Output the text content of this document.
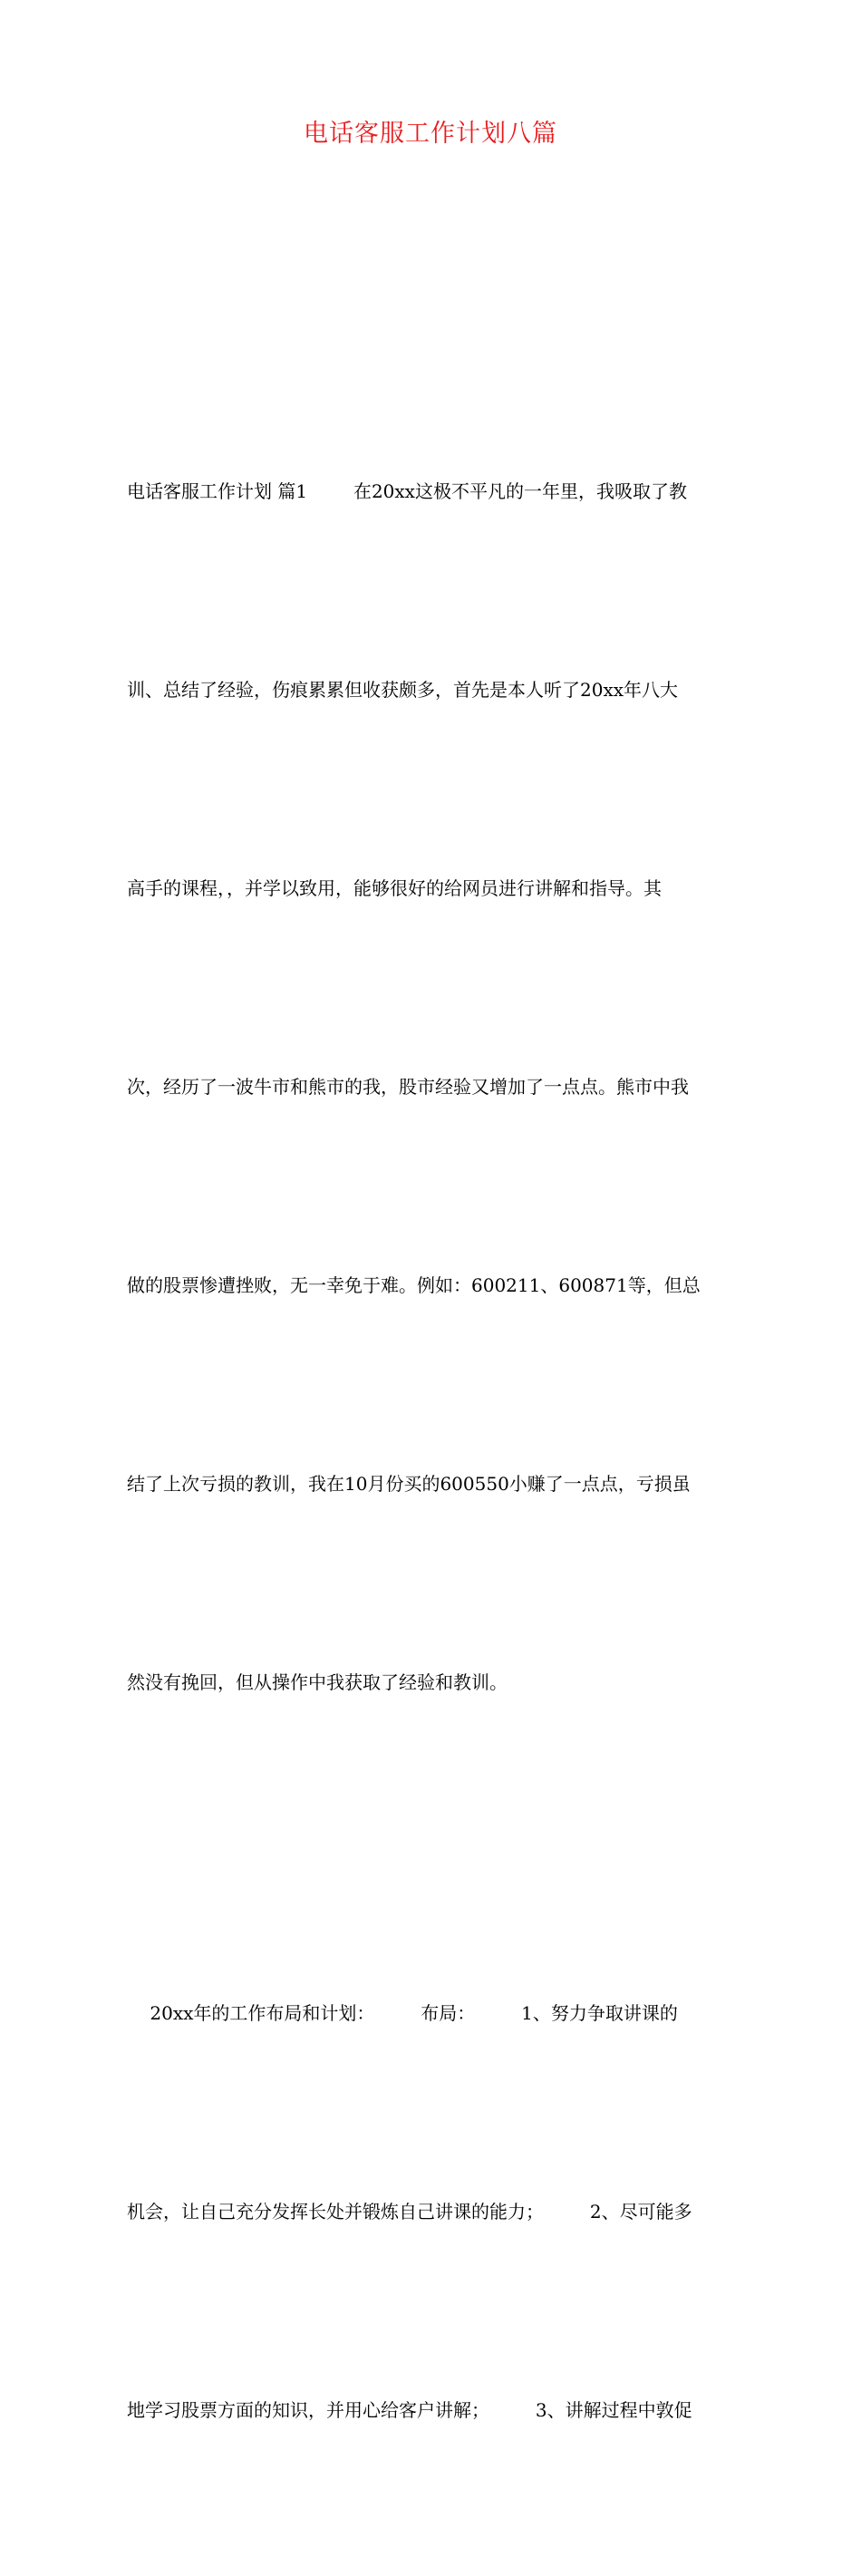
电话客服工作计划八篇

电话客服工作计划 篇1        在20xx这极不平凡的一年里，我吸取了教

训、总结了经验，伤痕累累但收获颇多，首先是本人听了20xx年八大

高手的课程，，并学以致用，能够很好的给网员进行讲解和指导。其

次，经历了一波牛市和熊市的我，股市经验又增加了一点点。熊市中我

做的股票惨遭挫败，无一幸免于难。例如：600211、600871等，但总

结了上次亏损的教训，我在10月份买的600550小赚了一点点，亏损虽

然没有挽回，但从操作中我获取了经验和教训。

20xx年的工作布局和计划：        布局：        1、努力争取讲课的

机会，让自己充分发挥长处并锻炼自己讲课的能力；        2、尽可能多

地学习股票方面的知识，并用心给客户讲解；        3、讲解过程中敦促
